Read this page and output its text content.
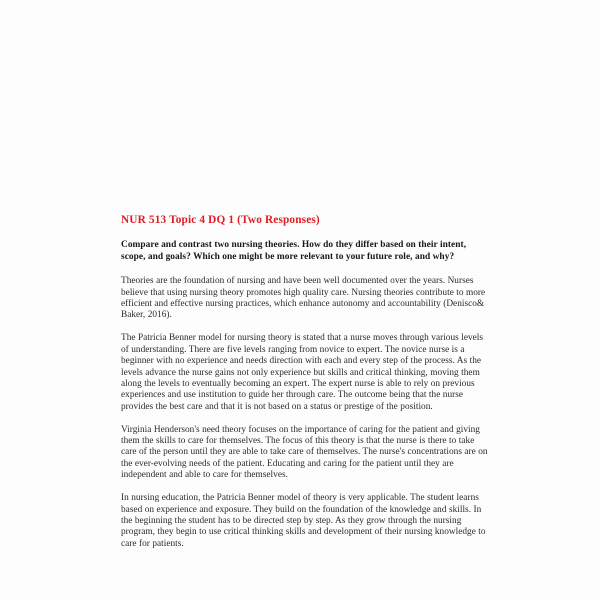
NUR 513 Topic 4 DQ 1 (Two Responses)

Compare and contrast two nursing theories. How do they differ based on their intent, scope, and goals? Which one might be more relevant to your future role, and why?

Theories are the foundation of nursing and have been well documented over the years. Nurses believe that using nursing theory promotes high quality care. Nursing theories contribute to more efficient and effective nursing practices, which enhance autonomy and accountability (Denisco& Baker, 2016).

The Patricia Benner model for nursing theory is stated that a nurse moves through various levels of understanding. There are five levels ranging from novice to expert. The novice nurse is a beginner with no experience and needs direction with each and every step of the process. As the levels advance the nurse gains not only experience but skills and critical thinking, moving them along the levels to eventually becoming an expert. The expert nurse is able to rely on previous experiences and use institution to guide her through care. The outcome being that the nurse provides the best care and that it is not based on a status or prestige of the position.

Virginia Henderson's need theory focuses on the importance of caring for the patient and giving them the skills to care for themselves. The focus of this theory is that the nurse is there to take care of the person until they are able to take care of themselves. The nurse's concentrations are on the ever-evolving needs of the patient. Educating and caring for the patient until they are independent and able to care for themselves.

In nursing education, the Patricia Benner model of theory is very applicable. The student learns based on experience and exposure. They build on the foundation of the knowledge and skills. In the beginning the student has to be directed step by step. As they grow through the nursing program, they begin to use critical thinking skills and development of their nursing knowledge to care for patients.
